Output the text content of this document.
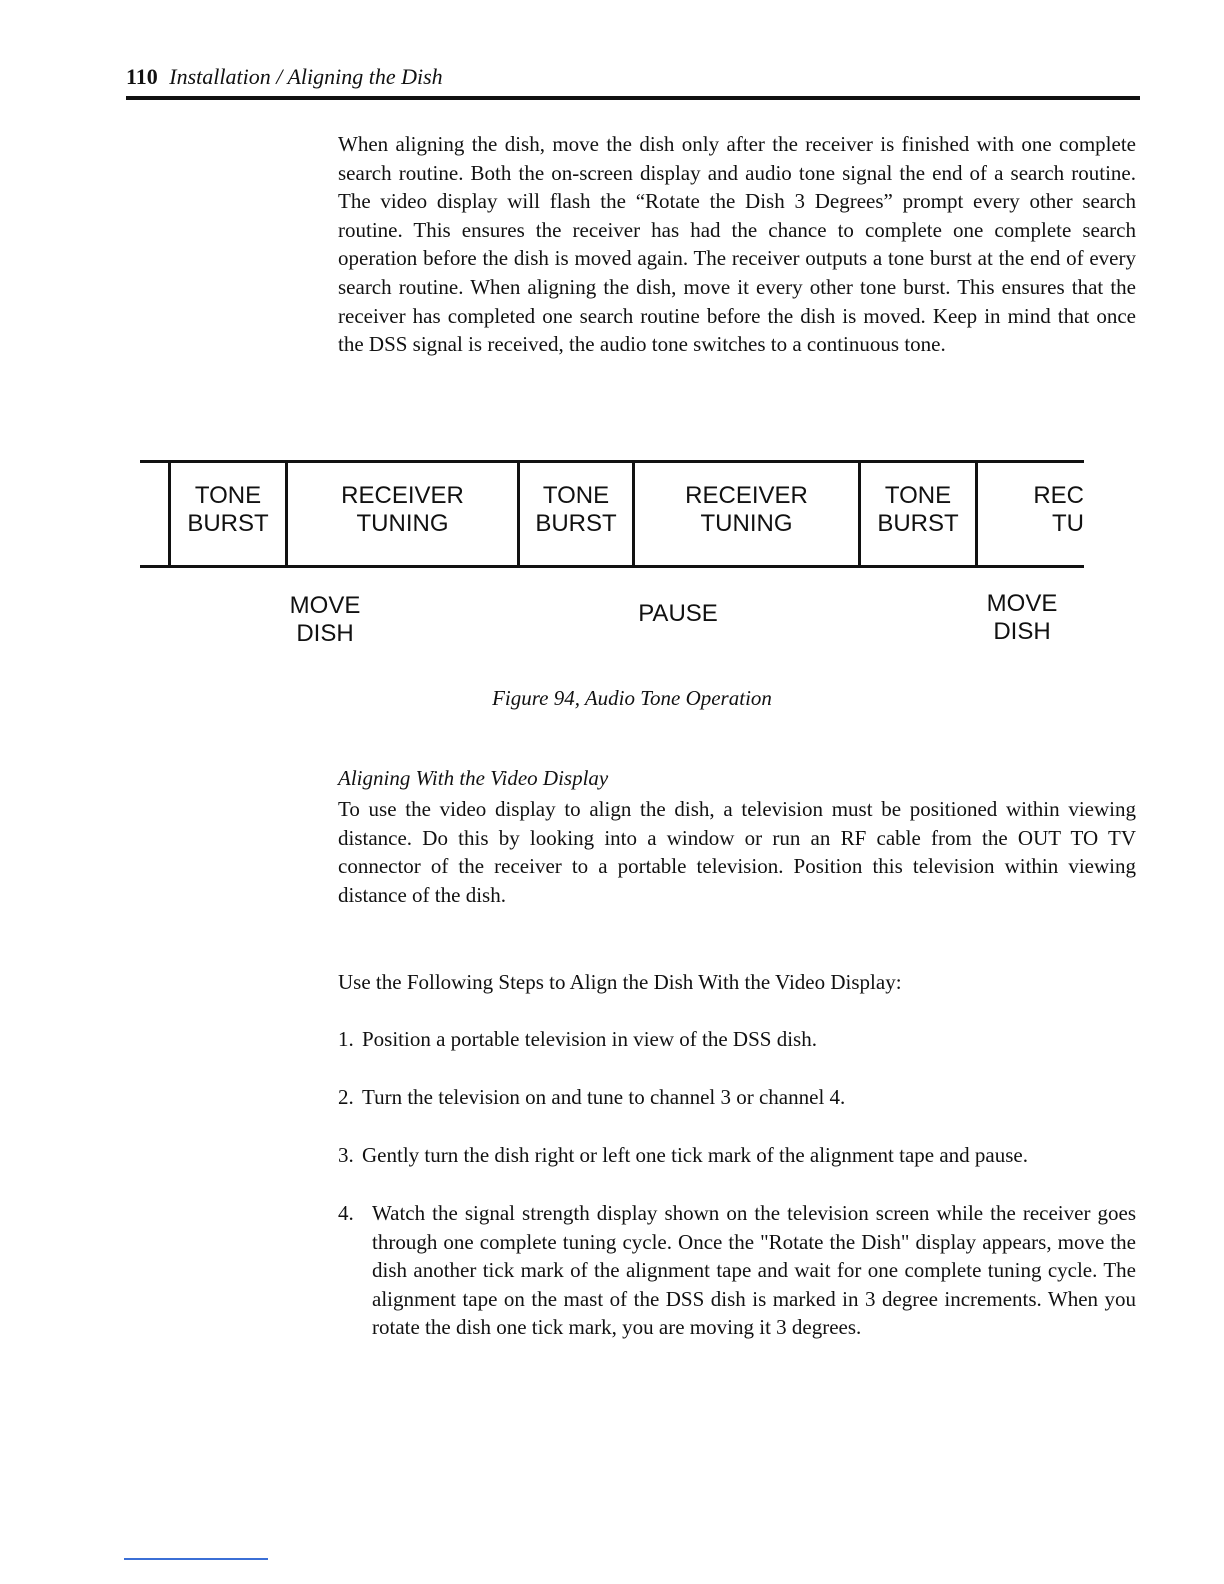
110 Installation / Aligning the Dish

When aligning the dish, move the dish only after the receiver is finished with one complete search routine. Both the on-screen display and audio tone signal the end of a search routine. The video display will flash the “Rotate the Dish 3 Degrees” prompt every other search routine. This ensures the receiver has had the chance to complete one complete search operation before the dish is moved again. The receiver outputs a tone burst at the end of every search routine. When aligning the dish, move it every other tone burst. This ensures that the receiver has completed one search routine before the dish is moved. Keep in mind that once the DSS signal is received, the audio tone switches to a continuous tone.

TONE
BURST
RECEIVER
TUNING
TONE
BURST
RECEIVER
TUNING
TONE
BURST
REC
TU
MOVE
DISH
PAUSE	MOVE
DISH
Figure 94, Audio Tone Operation
Aligning With the Video Display

To use the video display to align the dish, a television must be positioned within viewing distance. Do this by looking into a window or run an RF cable from the OUT TO TV connector of the receiver to a portable television. Position this television within viewing distance of the dish.

Use the Following Steps to Align the Dish With the Video Display:

1. Position a portable television in view of the DSS dish.
2. Turn the television on and tune to channel 3 or channel 4.
3. Gently turn the dish right or left one tick mark of the alignment tape and pause.
4. Watch the signal strength display shown on the television screen while the receiver goes through one complete tuning cycle. Once the "Rotate the Dish" display appears, move the dish another tick mark of the alignment tape and wait for one complete tuning cycle. The alignment tape on the mast of the DSS dish is marked in 3 degree increments. When you rotate the dish one tick mark, you are moving it 3 degrees.
